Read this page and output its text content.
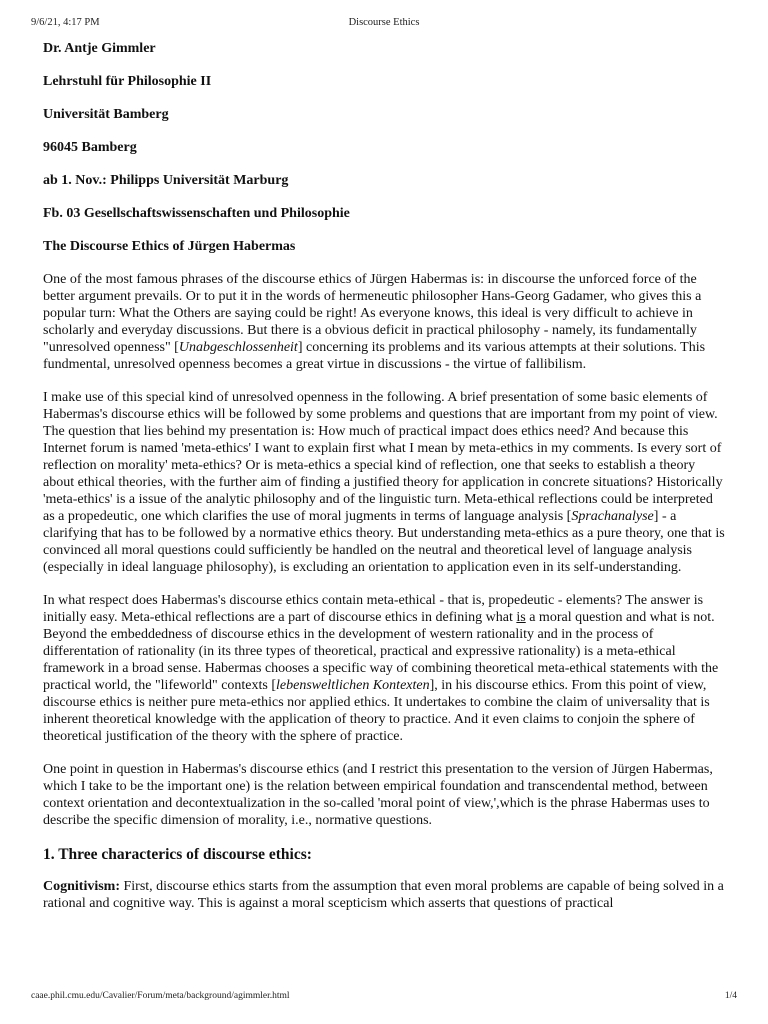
9/6/21, 4:17 PM	Discourse Ethics
Dr. Antje Gimmler
Lehrstuhl für Philosophie II
Universität Bamberg
96045 Bamberg
ab 1. Nov.: Philipps Universität Marburg
Fb. 03 Gesellschaftswissenschaften und Philosophie
The Discourse Ethics of Jürgen Habermas

One of the most famous phrases of the discourse ethics of Jürgen Habermas is: in discourse the unforced force of the better argument prevails. Or to put it in the words of hermeneutic philosopher Hans-Georg Gadamer, who gives this a popular turn: What the Others are saying could be right! As everyone knows, this ideal is very difficult to achieve in scholarly and everyday discussions. But there is a obvious deficit in practical philosophy - namely, its fundamentally "unresolved openness" [Unabgeschlossenheit] concerning its problems and its various attempts at their solutions. This fundmental, unresolved openness becomes a great virtue in discussions - the virtue of fallibilism.

I make use of this special kind of unresolved openness in the following. A brief presentation of some basic elements of Habermas's discourse ethics will be followed by some problems and questions that are important from my point of view. The question that lies behind my presentation is: How much of practical impact does ethics need? And because this Internet forum is named 'meta-ethics' I want to explain first what I mean by meta-ethics in my comments. Is every sort of reflection on morality' meta-ethics? Or is meta-ethics a special kind of reflection, one that seeks to establish a theory about ethical theories, with the further aim of finding a justified theory for application in concrete situations? Historically 'meta-ethics' is a issue of the analytic philosophy and of the linguistic turn. Meta-ethical reflections could be interpreted as a propedeutic, one which clarifies the use of moral jugments in terms of language analysis [Sprachanalyse] - a clarifying that has to be followed by a normative ethics theory. But understanding meta-ethics as a pure theory, one that is convinced all moral questions could sufficiently be handled on the neutral and theoretical level of language analysis (especially in ideal language philosophy), is excluding an orientation to application even in its self-understanding.

In what respect does Habermas's discourse ethics contain meta-ethical - that is, propedeutic - elements? The answer is initially easy. Meta-ethical reflections are a part of discourse ethics in defining what is a moral question and what is not. Beyond the embeddedness of discourse ethics in the development of western rationality and in the process of differentation of rationality (in its three types of theoretical, practical and expressive rationality) is a meta-ethical framework in a broad sense. Habermas chooses a specific way of combining theoretical meta-ethical statements with the practical world, the "lifeworld" contexts [lebensweltlichen Kontexten], in his discourse ethics. From this point of view, discourse ethics is neither pure meta-ethics nor applied ethics. It undertakes to combine the claim of universality that is inherent theoretical knowledge with the application of theory to practice. And it even claims to conjoin the sphere of theoretical justification of the theory with the sphere of practice.

One point in question in Habermas's discourse ethics (and I restrict this presentation to the version of Jürgen Habermas, which I take to be the important one) is the relation between empirical foundation and transcendental method, between context orientation and decontextualization in the so-called 'moral point of view,',which is the phrase Habermas uses to describe the specific dimension of morality, i.e., normative questions.

1. Three characterics of discourse ethics:

Cognitivism: First, discourse ethics starts from the assumption that even moral problems are capable of being solved in a rational and cognitive way. This is against a moral scepticism which asserts that questions of practical

caae.phil.cmu.edu/Cavalier/Forum/meta/background/agimmler.html	1/4
